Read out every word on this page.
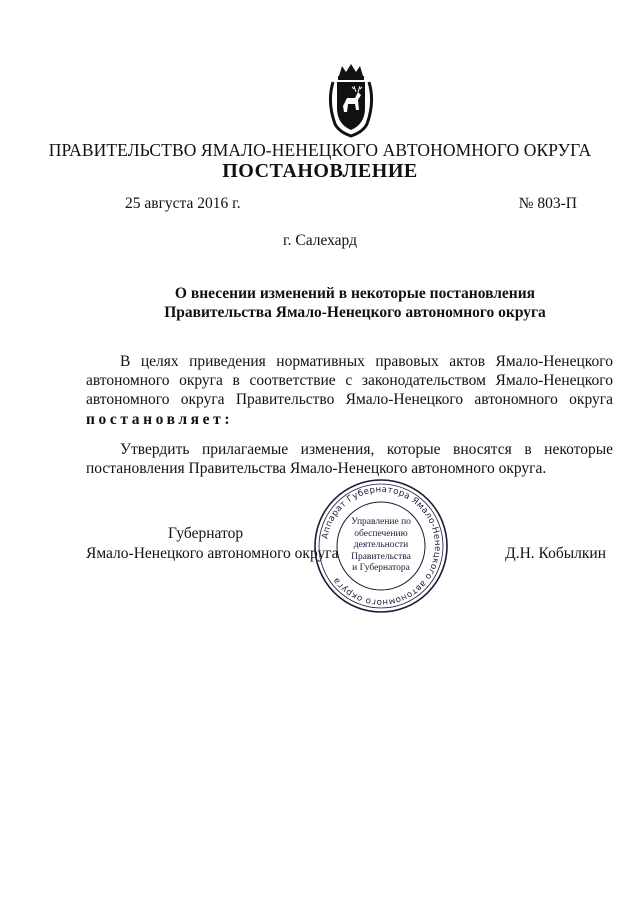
ПРАВИТЕЛЬСТВО ЯМАЛО-НЕНЕЦКОГО АВТОНОМНОГО ОКРУГА
ПОСТАНОВЛЕНИЕ
25 августа 2016 г.	№ 803-П
г. Салехард
О внесении изменений в некоторые постановления
Правительства Ямало-Ненецкого автономного округа
В целях приведения нормативных правовых актов Ямало-Ненецкого
автономного округа в соответствие с законодательством Ямало-Ненецкого
автономного округа Правительство Ямало-Ненецкого автономного округа
постановляет:
Утвердить прилагаемые изменения, которые вносятся в некоторые
постановления Правительства Ямало-Ненецкого автономного округа.
Губернатор
Ямало-Ненецкого автономного округа	Д.Н. Кобылкин
Аппарат Губернатора Ямало-Ненецкого автономного округа
Управление по
обеспечению
деятельности
Правительства
и Губернатора
